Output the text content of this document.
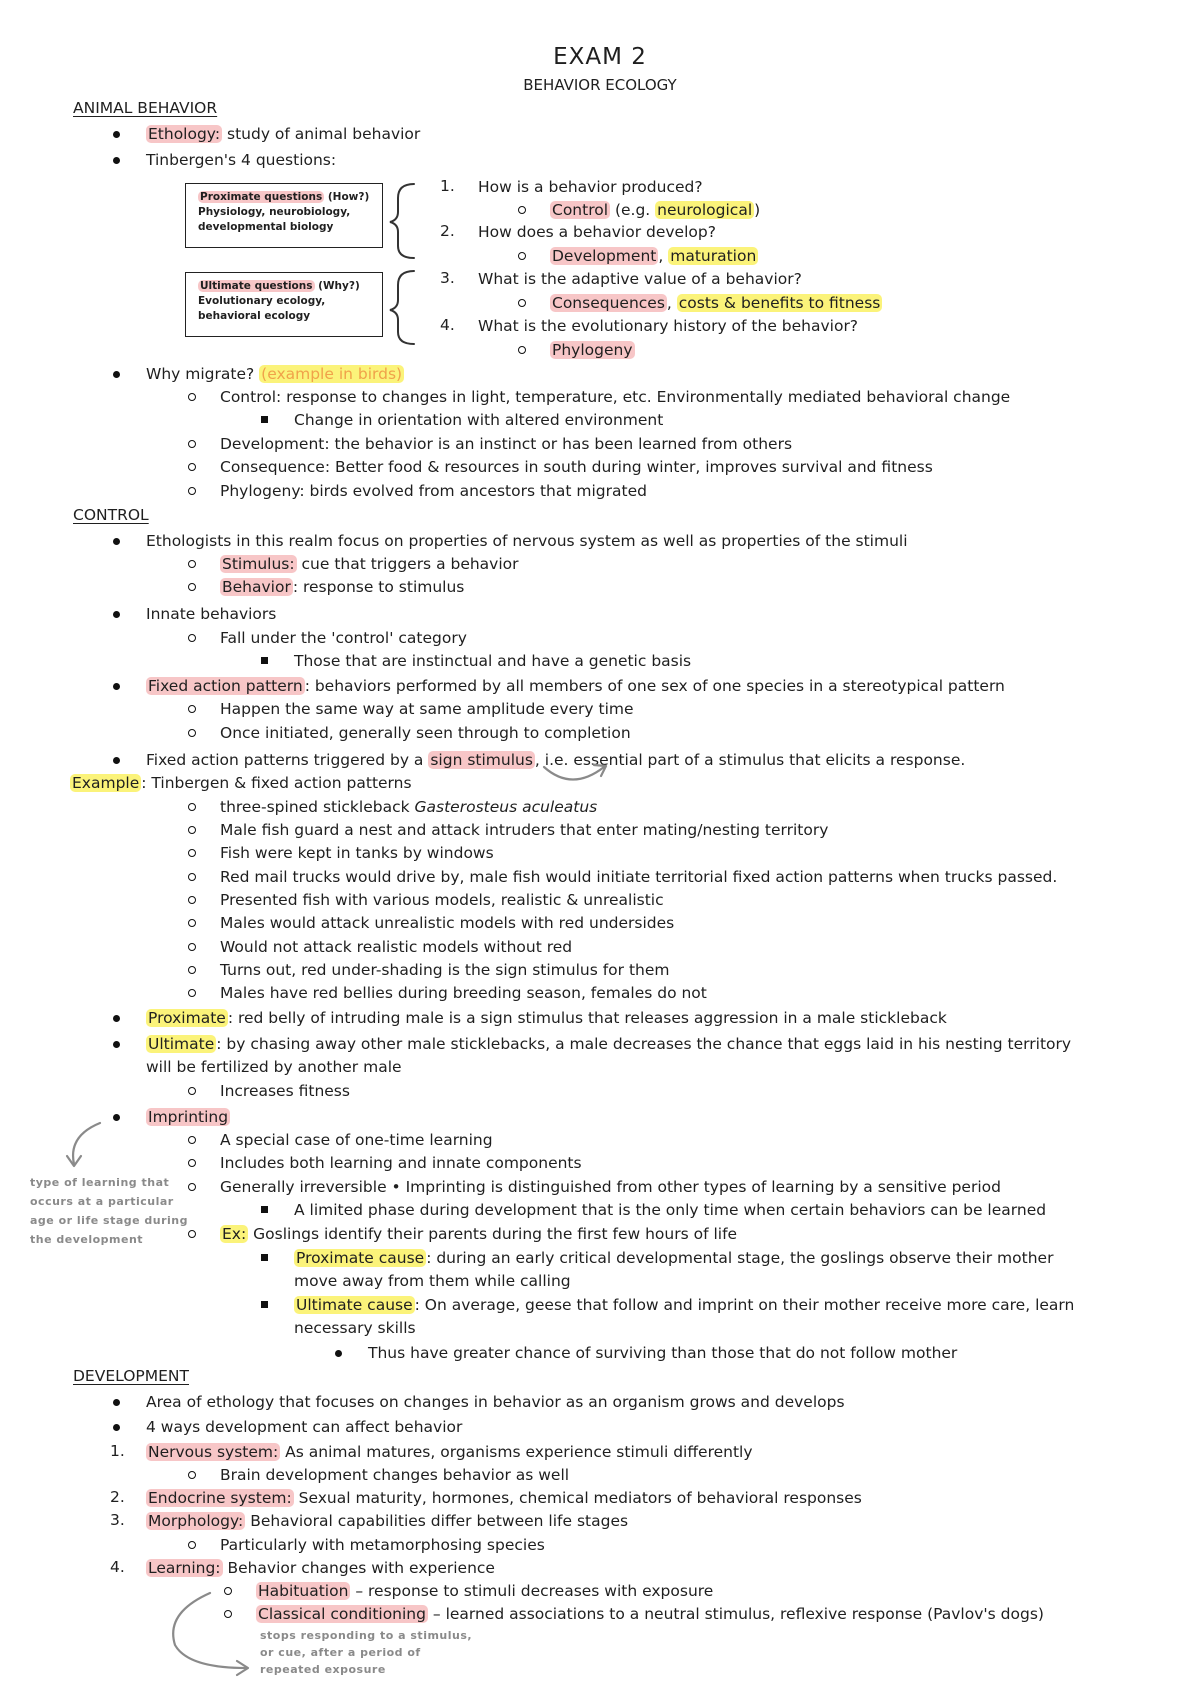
EXAM 2
BEHAVIOR ECOLOGY
ANIMAL BEHAVIOR
Ethology: study of animal behavior
Tinbergen's 4 questions:
Proximate questions (How?)
Physiology, neurobiology,
developmental biology
Ultimate questions (Why?)
Evolutionary ecology,
behavioral ecology
1. How is a behavior produced?
Control (e.g. neurological )
2. How does a behavior develop?
Development , maturation
3. What is the adaptive value of a behavior?
Consequences , costs & benefits to fitness
4. What is the evolutionary history of the behavior?
Phylogeny
Why migrate? (example in birds)
Control: response to changes in light, temperature, etc. Environmentally mediated behavioral change
Change in orientation with altered environment
Development: the behavior is an instinct or has been learned from others
Consequence: Better food & resources in south during winter, improves survival and fitness
Phylogeny: birds evolved from ancestors that migrated
CONTROL
Ethologists in this realm focus on properties of nervous system as well as properties of the stimuli
Stimulus: cue that triggers a behavior
Behavior : response to stimulus
Innate behaviors
Fall under the 'control' category
Those that are instinctual and have a genetic basis
Fixed action pattern : behaviors performed by all members of one sex of one species in a stereotypical pattern
Happen the same way at same amplitude every time
Once initiated, generally seen through to completion
Fixed action patterns triggered by a sign stimulus , i.e. essential part of a stimulus that elicits a response.
Example : Tinbergen & fixed action patterns
three-spined stickleback Gasterosteus aculeatus
Male fish guard a nest and attack intruders that enter mating/nesting territory
Fish were kept in tanks by windows
Red mail trucks would drive by, male fish would initiate territorial fixed action patterns when trucks passed.
Presented fish with various models, realistic & unrealistic
Males would attack unrealistic models with red undersides
Would not attack realistic models without red
Turns out, red under-shading is the sign stimulus for them
Males have red bellies during breeding season, females do not
Proximate : red belly of intruding male is a sign stimulus that releases aggression in a male stickleback
Ultimate : by chasing away other male sticklebacks, a male decreases the chance that eggs laid in his nesting territory
will be fertilized by another male
Increases fitness
Imprinting
A special case of one-time learning
Includes both learning and innate components
Generally irreversible • Imprinting is distinguished from other types of learning by a sensitive period
A limited phase during development that is the only time when certain behaviors can be learned
Ex: Goslings identify their parents during the first few hours of life
Proximate cause : during an early critical developmental stage, the goslings observe their mother
move away from them while calling
Ultimate cause : On average, geese that follow and imprint on their mother receive more care, learn
necessary skills
Thus have greater chance of surviving than those that do not follow mother
type of learning that
occurs at a particular
age or life stage during
the development
DEVELOPMENT
Area of ethology that focuses on changes in behavior as an organism grows and develops
4 ways development can affect behavior
1. Nervous system: As animal matures, organisms experience stimuli differently
Brain development changes behavior as well
2. Endocrine system: Sexual maturity, hormones, chemical mediators of behavioral responses
3. Morphology: Behavioral capabilities differ between life stages
Particularly with metamorphosing species
4. Learning: Behavior changes with experience
Habituation – response to stimuli decreases with exposure
Classical conditioning – learned associations to a neutral stimulus, reflexive response (Pavlov's dogs)
stops responding to a stimulus,
or cue, after a period of
repeated exposure
